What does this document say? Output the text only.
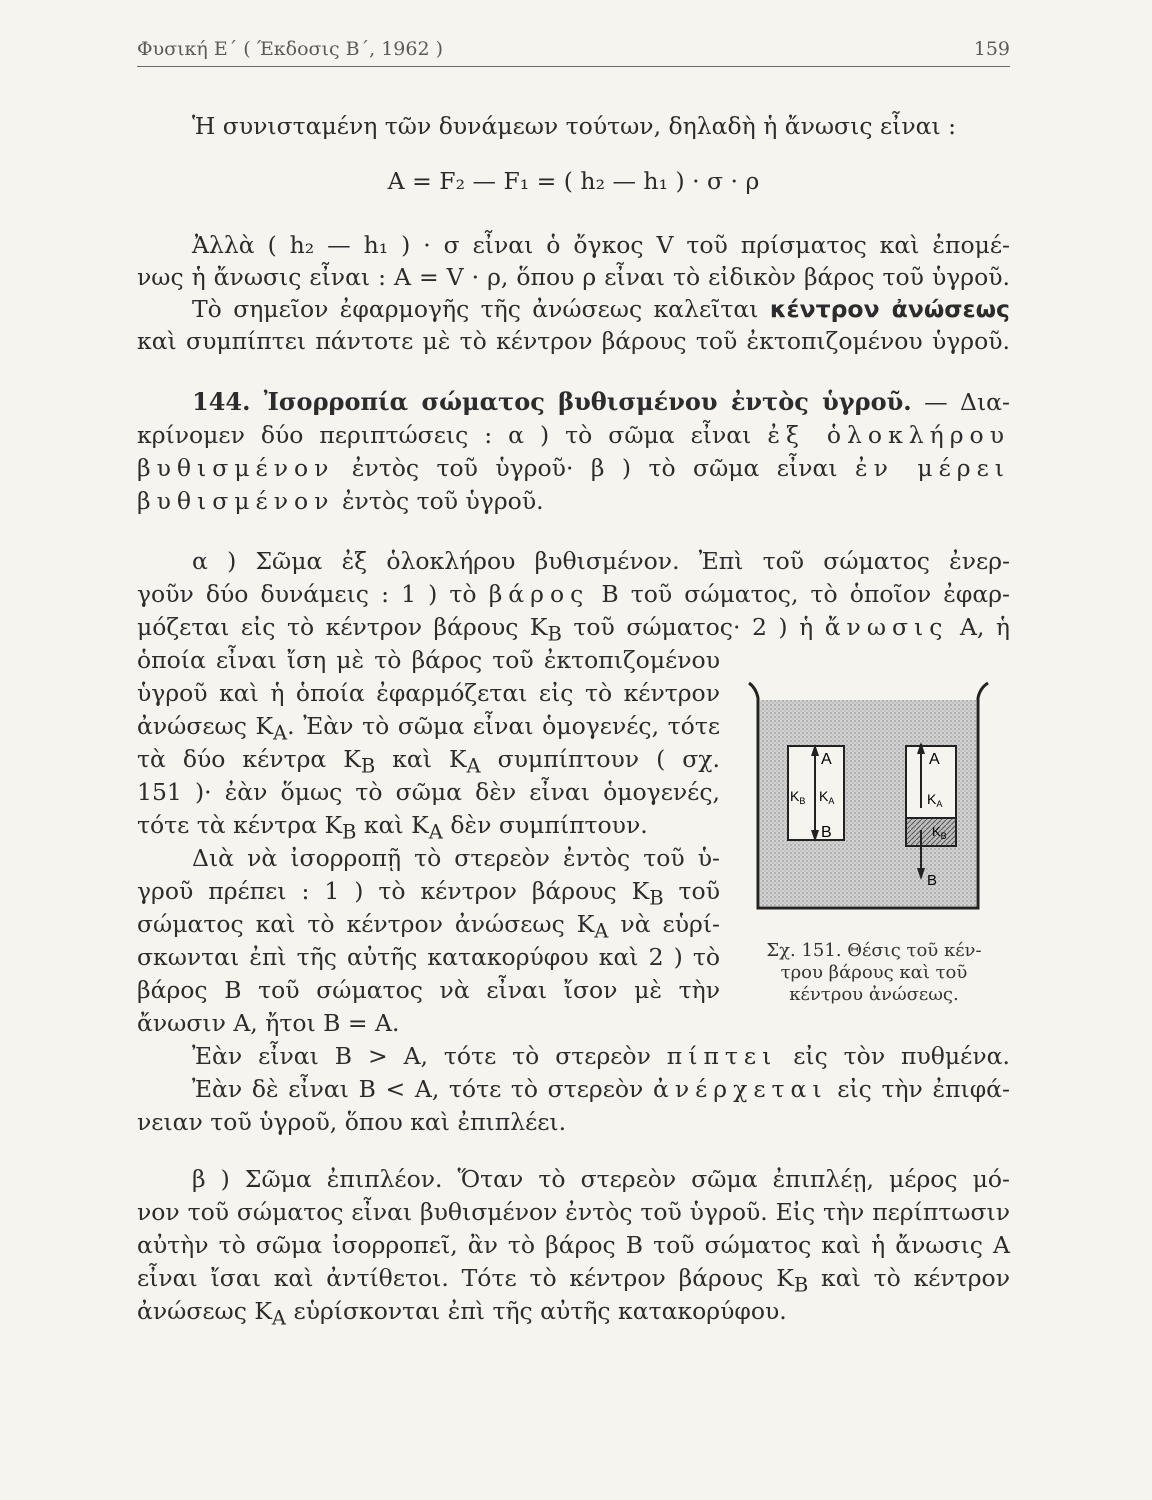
Φυσική Ε΄ ( Έκδοσις Β΄, 1962 )	159
Ἡ συνισταμένη τῶν δυνάμεων τούτων, δηλαδὴ ἡ ἄνωσις εἶναι :
A = F₂ — F₁ = ( h₂ — h₁ ) · σ · ρ
Ἀλλὰ ( h₂ — h₁ ) · σ εἶναι ὁ ὄγκος V τοῦ πρίσματος καὶ ἐπομέ-
νως ἡ ἄνωσις εἶναι : A = V · ρ, ὅπου ρ εἶναι τὸ εἰδικὸν βάρος τοῦ ὑγροῦ.
Τὸ σημεῖον ἐφαρμογῆς τῆς ἀνώσεως καλεῖται κέντρον ἀνώσεως
καὶ συμπίπτει πάντοτε μὲ τὸ κέντρον βάρους τοῦ ἐκτοπιζομένου ὑγροῦ.
144. Ἰσορροπία σώματος βυθισμένου ἐντὸς ὑγροῦ. — Δια-
κρίνομεν δύο περιπτώσεις : α ) τὸ σῶμα εἶναι ἐξ ὁλοκλήρου
βυθισμένον ἐντὸς τοῦ ὑγροῦ· β ) τὸ σῶμα εἶναι ἐν μέρει
βυθισμένον ἐντὸς τοῦ ὑγροῦ.
α ) Σῶμα ἐξ ὁλοκλήρου βυθισμένον. Ἐπὶ τοῦ σώματος ἐνερ-
γοῦν δύο δυνάμεις : 1 ) τὸ βάρος B τοῦ σώματος, τὸ ὁποῖον ἐφαρ-
μόζεται εἰς τὸ κέντρον βάρους $K_B$ τοῦ σώματος· 2 ) ἡ ἄνωσις A, ἡ
ὁποία εἶναι ἴση μὲ τὸ βάρος τοῦ ἐκτοπιζομένου
ὑγροῦ καὶ ἡ ὁποία ἐφαρμόζεται εἰς τὸ κέντρον
ἀνώσεως $K_A$. Ἐὰν τὸ σῶμα εἶναι ὁμογενές, τότε
τὰ δύο κέντρα $K_B$ καὶ $K_A$ συμπίπτουν ( σχ.
151 )· ἐὰν ὅμως τὸ σῶμα δὲν εἶναι ὁμογενές,
τότε τὰ κέντρα $K_B$ καὶ $K_A$ δὲν συμπίπτουν.
Διὰ νὰ ἰσορροπῇ τὸ στερεὸν ἐντὸς τοῦ ὑ-
γροῦ πρέπει : 1 ) τὸ κέντρον βάρους $K_B$ τοῦ
σώματος καὶ τὸ κέντρον ἀνώσεως $K_A$ νὰ εὑρί-
σκωνται ἐπὶ τῆς αὐτῆς κατακορύφου καὶ 2 ) τὸ
βάρος B τοῦ σώματος νὰ εἶναι ἴσον μὲ τὴν
ἄνωσιν A, ἤτοι B = A.
Ἐὰν εἶναι B > A, τότε τὸ στερεὸν πίπτει εἰς τὸν πυθμένα.
Ἐὰν δὲ εἶναι B < A, τότε τὸ στερεὸν ἀνέρχεται εἰς τὴν ἐπιφά-
νειαν τοῦ ὑγροῦ, ὅπου καὶ ἐπιπλέει.
β ) Σῶμα ἐπιπλέον. Ὅταν τὸ στερεὸν σῶμα ἐπιπλέῃ, μέρος μό-
νον τοῦ σώματος εἶναι βυθισμένον ἐντὸς τοῦ ὑγροῦ. Εἰς τὴν περίπτωσιν
αὐτὴν τὸ σῶμα ἰσορροπεῖ, ἂν τὸ βάρος B τοῦ σώματος καὶ ἡ ἄνωσις A
εἶναι ἴσαι καὶ ἀντίθετοι. Τότε τὸ κέντρον βάρους $K_B$ καὶ τὸ κέντρον
ἀνώσεως $K_A$ εὑρίσκονται ἐπὶ τῆς αὐτῆς κατακορύφου.
A
$K_B$ $K_A$
B
A
$K_A$
$K_B$
B
Σχ. 151. Θέσις τοῦ κέν-
τρου βάρους καὶ τοῦ
κέντρου ἀνώσεως.
